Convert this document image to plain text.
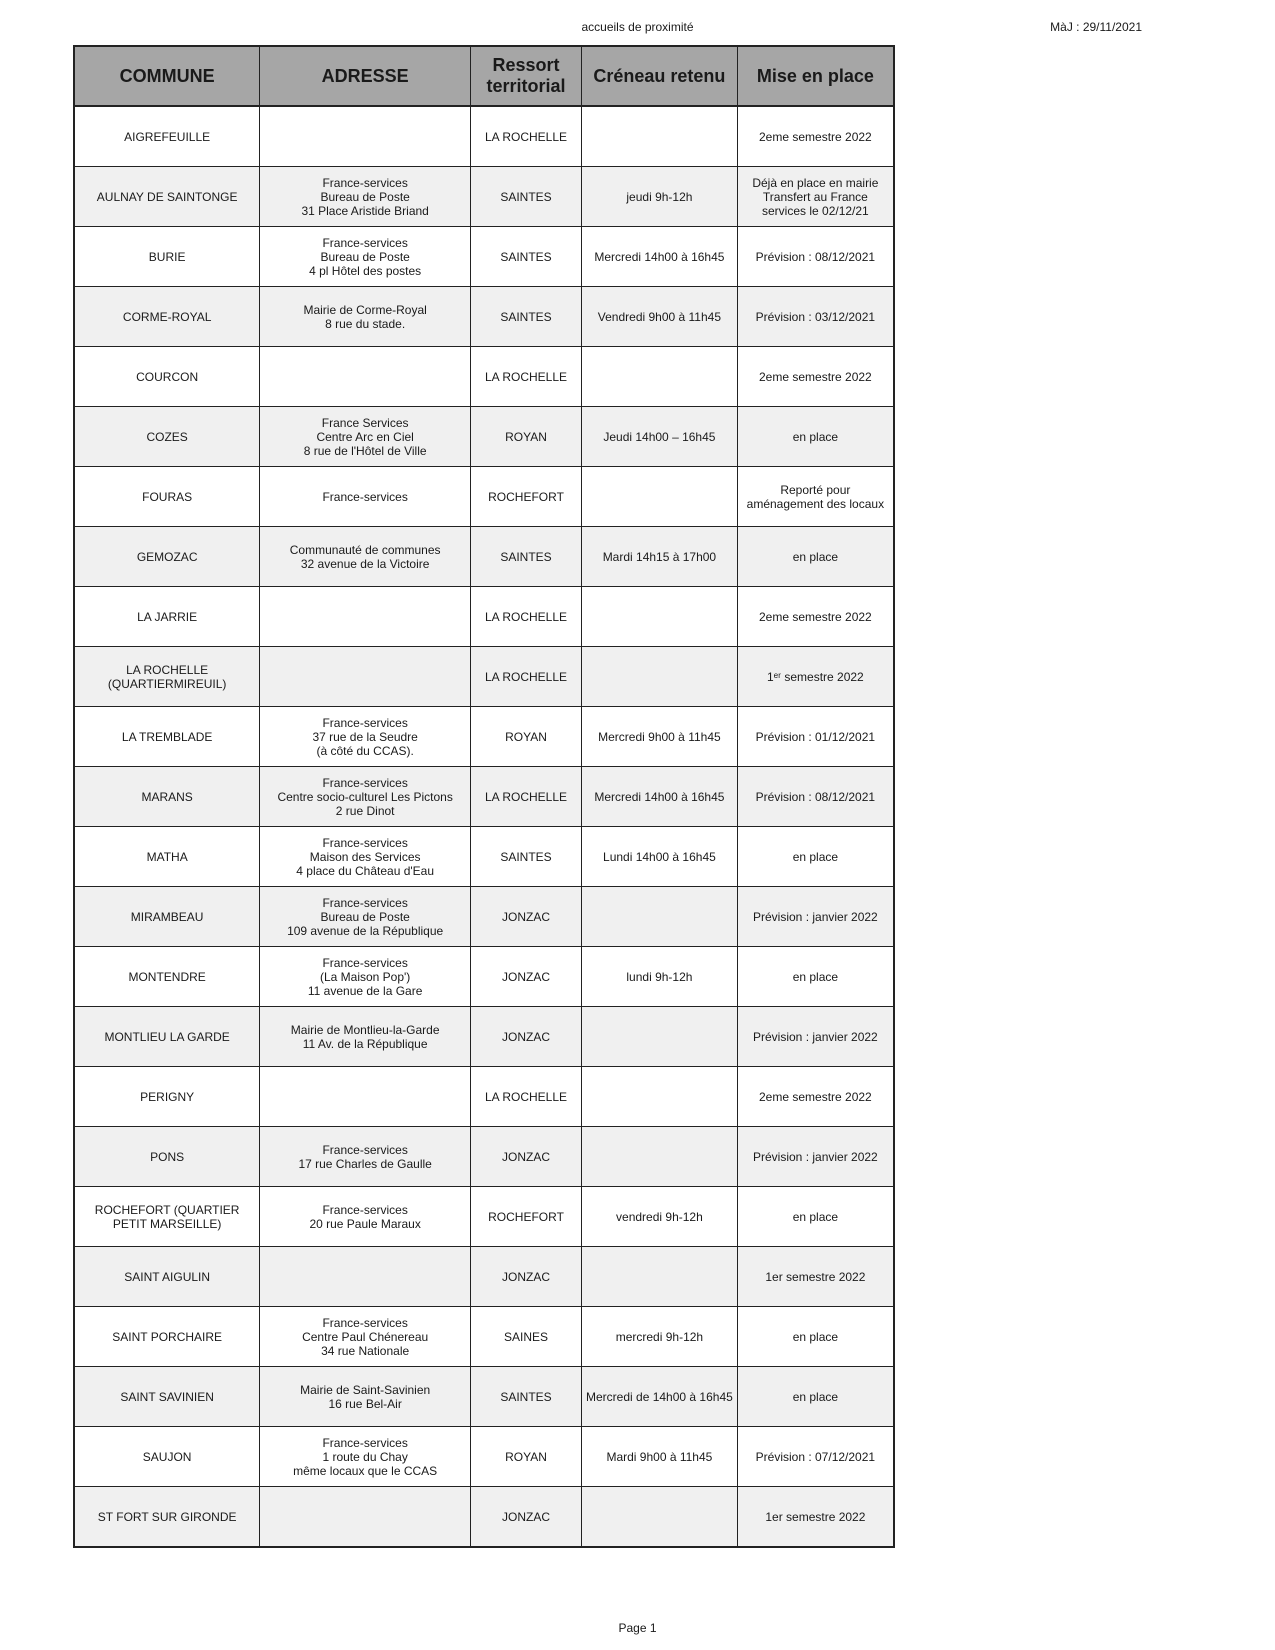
accueils de proximité	MàJ : 29/11/2021
COMMUNE	ADRESSE	Ressort
territorial	Créneau retenu	Mise en place
AIGREFEUILLE		LA ROCHELLE		2eme semestre 2022
AULNAY DE SAINTONGE	France-services
Bureau de Poste
31 Place Aristide Briand	SAINTES	jeudi 9h-12h	Déjà en place en mairie
Transfert au France
services le 02/12/21
BURIE	France-services
Bureau de Poste
4 pl Hôtel des postes	SAINTES	Mercredi 14h00 à 16h45	Prévision : 08/12/2021
CORME-ROYAL	Mairie de Corme-Royal
8 rue du stade.	SAINTES	Vendredi 9h00 à 11h45	Prévision : 03/12/2021
COURCON		LA ROCHELLE		2eme semestre 2022
COZES	France Services
Centre Arc en Ciel
8 rue de l'Hôtel de Ville	ROYAN	Jeudi 14h00 – 16h45	en place
FOURAS	France-services	ROCHEFORT		Reporté pour
aménagement des locaux
GEMOZAC	Communauté de communes
32 avenue de la Victoire	SAINTES	Mardi 14h15 à 17h00	en place
LA JARRIE		LA ROCHELLE		2eme semestre 2022
LA ROCHELLE
(QUARTIERMIREUIL)		LA ROCHELLE		1ᵉʳ semestre 2022
LA TREMBLADE	France-services
37 rue de la Seudre
(à côté du CCAS).	ROYAN	Mercredi 9h00 à 11h45	Prévision : 01/12/2021
MARANS	France-services
Centre socio-culturel Les Pictons
2 rue Dinot	LA ROCHELLE	Mercredi 14h00 à 16h45	Prévision : 08/12/2021
MATHA	France-services
Maison des Services
4 place du Château d'Eau	SAINTES	Lundi 14h00 à 16h45	en place
MIRAMBEAU	France-services
Bureau de Poste
109 avenue de la République	JONZAC		Prévision : janvier 2022
MONTENDRE	France-services
(La Maison Pop')
11 avenue de la Gare	JONZAC	lundi 9h-12h	en place
MONTLIEU LA GARDE	Mairie de Montlieu-la-Garde
11 Av. de la République	JONZAC		Prévision : janvier 2022
PERIGNY		LA ROCHELLE		2eme semestre 2022
PONS	France-services
17 rue Charles de Gaulle	JONZAC		Prévision : janvier 2022
ROCHEFORT (QUARTIER
PETIT MARSEILLE)	France-services
20 rue Paule Maraux	ROCHEFORT	vendredi 9h-12h	en place
SAINT AIGULIN		JONZAC		1er semestre 2022
SAINT PORCHAIRE	France-services
Centre Paul Chénereau
34 rue Nationale	SAINES	mercredi 9h-12h	en place
SAINT SAVINIEN	Mairie de Saint-Savinien
16 rue Bel-Air	SAINTES	Mercredi de 14h00 à 16h45	en place
SAUJON	France-services
1 route du Chay
même locaux que le CCAS	ROYAN	Mardi 9h00 à 11h45	Prévision : 07/12/2021
ST FORT SUR GIRONDE		JONZAC		1er semestre 2022
Page 1
